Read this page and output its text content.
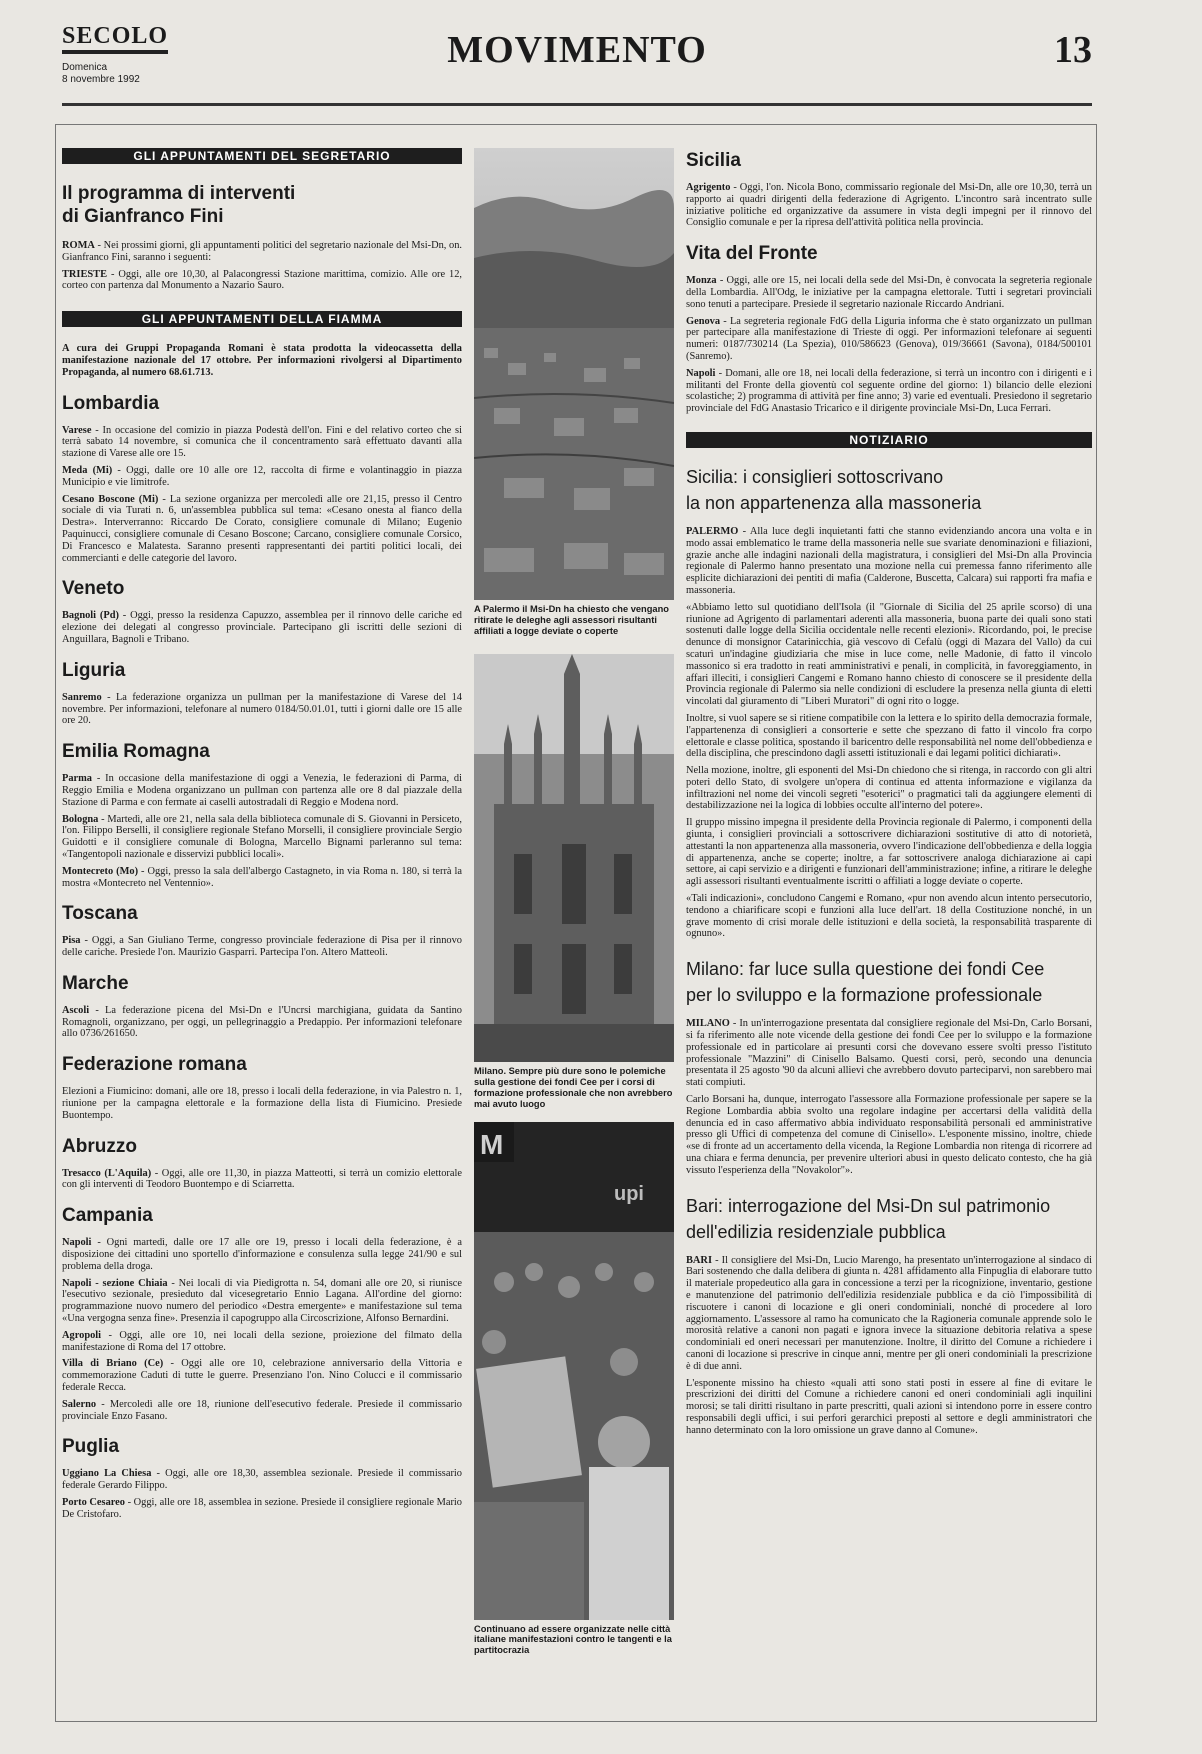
SECOLO
Domenica
8 novembre 1992
MOVIMENTO	13
GLI APPUNTAMENTI DEL SEGRETARIO
Il programma di interventi
di Gianfranco Fini

ROMA - Nei prossimi giorni, gli appuntamenti politici del segretario nazionale del Msi-Dn, on. Gianfranco Fini, saranno i seguenti:

TRIESTE - Oggi, alle ore 10,30, al Palacongressi Stazione marittima, comizio. Alle ore 12, corteo con partenza dal Monumento a Nazario Sauro.

GLI APPUNTAMENTI DELLA FIAMMA

A cura dei Gruppi Propaganda Romani è stata prodotta la videocassetta della manifestazione nazionale del 17 ottobre. Per informazioni rivolgersi al Dipartimento Propaganda, al numero 68.61.713.

Lombardia

Varese - In occasione del comizio in piazza Podestà dell'on. Fini e del relativo corteo che si terrà sabato 14 novembre, si comunica che il concentramento sarà effettuato davanti alla stazione di Varese alle ore 15.

Meda (Mi) - Oggi, dalle ore 10 alle ore 12, raccolta di firme e volantinaggio in piazza Municipio e vie limitrofe.

Cesano Boscone (Mi) - La sezione organizza per mercoledì alle ore 21,15, presso il Centro sociale di via Turati n. 6, un'assemblea pubblica sul tema: «Cesano onesta al fianco della Destra». Interverranno: Riccardo De Corato, consigliere comunale di Milano; Eugenio Paquinucci, consigliere comunale di Cesano Boscone; Carcano, consigliere comunale Corsico, Di Francesco e Malatesta. Saranno presenti rappresentanti dei partiti politici locali, dei commercianti e delle categorie del lavoro.

Veneto

Bagnoli (Pd) - Oggi, presso la residenza Capuzzo, assemblea per il rinnovo delle cariche ed elezione dei delegati al congresso provinciale. Partecipano gli iscritti delle sezioni di Anguillara, Bagnoli e Tribano.

Liguria

Sanremo - La federazione organizza un pullman per la manifestazione di Varese del 14 novembre. Per informazioni, telefonare al numero 0184/50.01.01, tutti i giorni dalle ore 15 alle ore 20.

Emilia Romagna

Parma - In occasione della manifestazione di oggi a Venezia, le federazioni di Parma, di Reggio Emilia e Modena organizzano un pullman con partenza alle ore 8 dal piazzale della Stazione di Parma e con fermate ai caselli autostradali di Reggio e Modena nord.

Bologna - Martedì, alle ore 21, nella sala della biblioteca comunale di S. Giovanni in Persiceto, l'on. Filippo Berselli, il consigliere regionale Stefano Morselli, il consigliere provinciale Sergio Guidotti e il consigliere comunale di Bologna, Marcello Bignami parleranno sul tema: «Tangentopoli nazionale e disservizi pubblici locali».

Montecreto (Mo) - Oggi, presso la sala dell'albergo Castagneto, in via Roma n. 180, si terrà la mostra «Montecreto nel Ventennio».

Toscana

Pisa - Oggi, a San Giuliano Terme, congresso provinciale federazione di Pisa per il rinnovo delle cariche. Presiede l'on. Maurizio Gasparri. Partecipa l'on. Altero Matteoli.

Marche

Ascoli - La federazione picena del Msi-Dn e l'Uncrsi marchigiana, guidata da Santino Romagnoli, organizzano, per oggi, un pellegrinaggio a Predappio. Per informazioni telefonare allo 0736/261650.

Federazione romana

Elezioni a Fiumicino: domani, alle ore 18, presso i locali della federazione, in via Palestro n. 1, riunione per la campagna elettorale e la formazione della lista di Fiumicino. Presiede Buontempo.

Abruzzo

Tresacco (L'Aquila) - Oggi, alle ore 11,30, in piazza Matteotti, si terrà un comizio elettorale con gli interventi di Teodoro Buontempo e di Sciarretta.

Campania

Napoli - Ogni martedì, dalle ore 17 alle ore 19, presso i locali della federazione, è a disposizione dei cittadini uno sportello d'informazione e consulenza sulla legge 241/90 e sul problema della droga.

Napoli - sezione Chiaia - Nei locali di via Piedigrotta n. 54, domani alle ore 20, si riunisce l'esecutivo sezionale, presieduto dal vicesegretario Ennio Lagana. All'ordine del giorno: programmazione nuovo numero del periodico «Destra emergente» e manifestazione sul tema «Una vergogna senza fine». Presenzia il capogruppo alla Circoscrizione, Alfonso Bernardini.

Agropoli - Oggi, alle ore 10, nei locali della sezione, proiezione del filmato della manifestazione di Roma del 17 ottobre.

Villa di Briano (Ce) - Oggi alle ore 10, celebrazione anniversario della Vittoria e commemorazione Caduti di tutte le guerre. Presenziano l'on. Nino Colucci e il commissario federale Recca.

Salerno - Mercoledì alle ore 18, riunione dell'esecutivo federale. Presiede il commissario provinciale Enzo Fasano.

Puglia

Uggiano La Chiesa - Oggi, alle ore 18,30, assemblea sezionale. Presiede il commissario federale Gerardo Filippo.

Porto Cesareo - Oggi, alle ore 18, assemblea in sezione. Presiede il consigliere regionale Mario De Cristofaro.

A Palermo il Msi-Dn ha chiesto che vengano ritirate le deleghe agli assessori risultanti affiliati a logge deviate o coperte
Milano. Sempre più dure sono le polemiche sulla gestione dei fondi Cee per i corsi di formazione professionale che non avrebbero mai avuto luogo
M
upi
Continuano ad essere organizzate nelle città italiane manifestazioni contro le tangenti e la partitocrazia
Sicilia

Agrigento - Oggi, l'on. Nicola Bono, commissario regionale del Msi-Dn, alle ore 10,30, terrà un rapporto ai quadri dirigenti della federazione di Agrigento. L'incontro sarà incentrato sulle iniziative politiche ed organizzative da assumere in vista degli impegni per il rinnovo del Consiglio comunale e per la ripresa dell'attività politica nella provincia.

Vita del Fronte

Monza - Oggi, alle ore 15, nei locali della sede del Msi-Dn, è convocata la segreteria regionale della Lombardia. All'Odg, le iniziative per la campagna elettorale. Tutti i segretari provinciali sono tenuti a partecipare. Presiede il segretario nazionale Riccardo Andriani.

Genova - La segreteria regionale FdG della Liguria informa che è stato organizzato un pullman per partecipare alla manifestazione di Trieste di oggi. Per informazioni telefonare ai seguenti numeri: 0187/730214 (La Spezia), 010/586623 (Genova), 019/36661 (Savona), 0184/500101 (Sanremo).

Napoli - Domani, alle ore 18, nei locali della federazione, si terrà un incontro con i dirigenti e i militanti del Fronte della gioventù col seguente ordine del giorno: 1) bilancio delle elezioni scolastiche; 2) programma di attività per fine anno; 3) varie ed eventuali. Presiedono il segretario provinciale del FdG Anastasio Tricarico e il dirigente provinciale Msi-Dn, Luca Ferrari.

NOTIZIARIO
Sicilia: i consiglieri sottoscrivano
la non appartenenza alla massoneria

PALERMO - Alla luce degli inquietanti fatti che stanno evidenziando ancora una volta e in modo assai emblematico le trame della massoneria nelle sue svariate denominazioni e filiazioni, grazie anche alle indagini nazionali della magistratura, i consiglieri del Msi-Dn alla Provincia regionale di Palermo hanno presentato una mozione nella cui premessa fanno riferimento alle esplicite dichiarazioni dei pentiti di mafia (Calderone, Buscetta, Calcara) sui rapporti fra mafia e massoneria.

«Abbiamo letto sul quotidiano dell'Isola (il "Giornale di Sicilia del 25 aprile scorso) di una riunione ad Agrigento di parlamentari aderenti alla massoneria, buona parte dei quali sono stati sostenuti dalle logge della Sicilia occidentale nelle recenti elezioni». Ricordando, poi, le precise denunce di monsignor Catarinicchia, già vescovo di Cefalù (oggi di Mazara del Vallo) da cui scaturì un'indagine giudiziaria che mise in luce come, nelle Madonie, di fatto il vincolo massonico si era tradotto in reati amministrativi e penali, in complicità, in favoreggiamento, in affari illeciti, i consiglieri Cangemi e Romano hanno chiesto di conoscere se il presidente della Provincia regionale di Palermo sia nelle condizioni di escludere la presenza nella giunta di eletti vincolati dal giuramento di "Liberi Muratori" di ogni rito o logge.

Inoltre, si vuol sapere se si ritiene compatibile con la lettera e lo spirito della democrazia formale, l'appartenenza di consiglieri a consorterie e sette che spezzano di fatto il vincolo fra corpo elettorale e classe politica, spostando il baricentro delle responsabilità nel nome dell'obbedienza e della disciplina, che prescindono dagli assetti istituzionali e dai legami politici dichiarati».

Nella mozione, inoltre, gli esponenti del Msi-Dn chiedono che si ritenga, in raccordo con gli altri poteri dello Stato, di svolgere un'opera di continua ed attenta informazione e vigilanza da infiltrazioni nel nome dei vincoli segreti "esoterici" o pragmatici tali da aggiungere elementi di destabilizzazione nei la logica di lobbies occulte all'interno del potere».

Il gruppo missino impegna il presidente della Provincia regionale di Palermo, i componenti della giunta, i consiglieri provinciali a sottoscrivere dichiarazioni sostitutive di atto di notorietà, attestanti la non appartenenza alla massoneria, ovvero l'indicazione dell'obbedienza e della loggia di appartenenza, anche se coperte; inoltre, a far sottoscrivere analoga dichiarazione ai capi settore, ai capi servizio e a dirigenti e funzionari dell'amministrazione; infine, a ritirare le deleghe agli assessori risultanti eventualmente iscritti o affiliati a logge deviate o coperte.

«Tali indicazioni», concludono Cangemi e Romano, «pur non avendo alcun intento persecutorio, tendono a chiarificare scopi e funzioni alla luce dell'art. 18 della Costituzione nonché, in un grave momento di crisi morale delle istituzioni e della società, la responsabilità trasparente di ognuno».

Milano: far luce sulla questione dei fondi Cee
per lo sviluppo e la formazione professionale

MILANO - In un'interrogazione presentata dal consigliere regionale del Msi-Dn, Carlo Borsani, si fa riferimento alle note vicende della gestione dei fondi Cee per lo sviluppo e la formazione professionale ed in particolare ai presunti corsi che dovevano essere svolti presso l'istituto professionale "Mazzini" di Cinisello Balsamo. Questi corsi, però, secondo una denuncia presentata il 25 agosto '90 da alcuni allievi che avrebbero dovuto parteciparvi, non sarebbero mai stati compiuti.

Carlo Borsani ha, dunque, interrogato l'assessore alla Formazione professionale per sapere se la Regione Lombardia abbia svolto una regolare indagine per accertarsi della validità della denuncia ed in caso affermativo abbia individuato responsabilità personali ed amministrative presso gli Uffici di competenza del comune di Cinisello». L'esponente missino, inoltre, chiede «se di fronte ad un accertamento della vicenda, la Regione Lombardia non ritenga di ricorrere ad una chiara e ferma denuncia, per prevenire ulteriori abusi in questo delicato contesto, che ha già vissuto l'esperienza della "Novakolor"».

Bari: interrogazione del Msi-Dn sul patrimonio
dell'edilizia residenziale pubblica

BARI - Il consigliere del Msi-Dn, Lucio Marengo, ha presentato un'interrogazione al sindaco di Bari sostenendo che dalla delibera di giunta n. 4281 affidamento alla Finpuglia di elaborare tutto il materiale propedeutico alla gara in concessione a terzi per la ricognizione, inventario, gestione e manutenzione del patrimonio dell'edilizia residenziale pubblica e da ciò l'impossibilità di riscuotere i canoni di locazione e gli oneri condominiali, nonché di procedere al loro aggiornamento. L'assessore al ramo ha comunicato che la Ragioneria comunale apprende solo le morosità relative a canoni non pagati e ignora invece la situazione debitoria relativa a spese condominiali ed oneri necessari per manutenzione. Inoltre, il diritto del Comune a richiedere i canoni di locazione si prescrive in cinque anni, mentre per gli oneri condominiali la prescrizione è di due anni.

L'esponente missino ha chiesto «quali atti sono stati posti in essere al fine di evitare le prescrizioni dei diritti del Comune a richiedere canoni ed oneri condominiali agli inquilini morosi; se tali diritti risultano in parte prescritti, quali azioni si intendono porre in essere contro responsabili degli uffici, i sui perfori gerarchici preposti al settore e degli amministratori che hanno determinato con la loro omissione un grave danno al Comune».
